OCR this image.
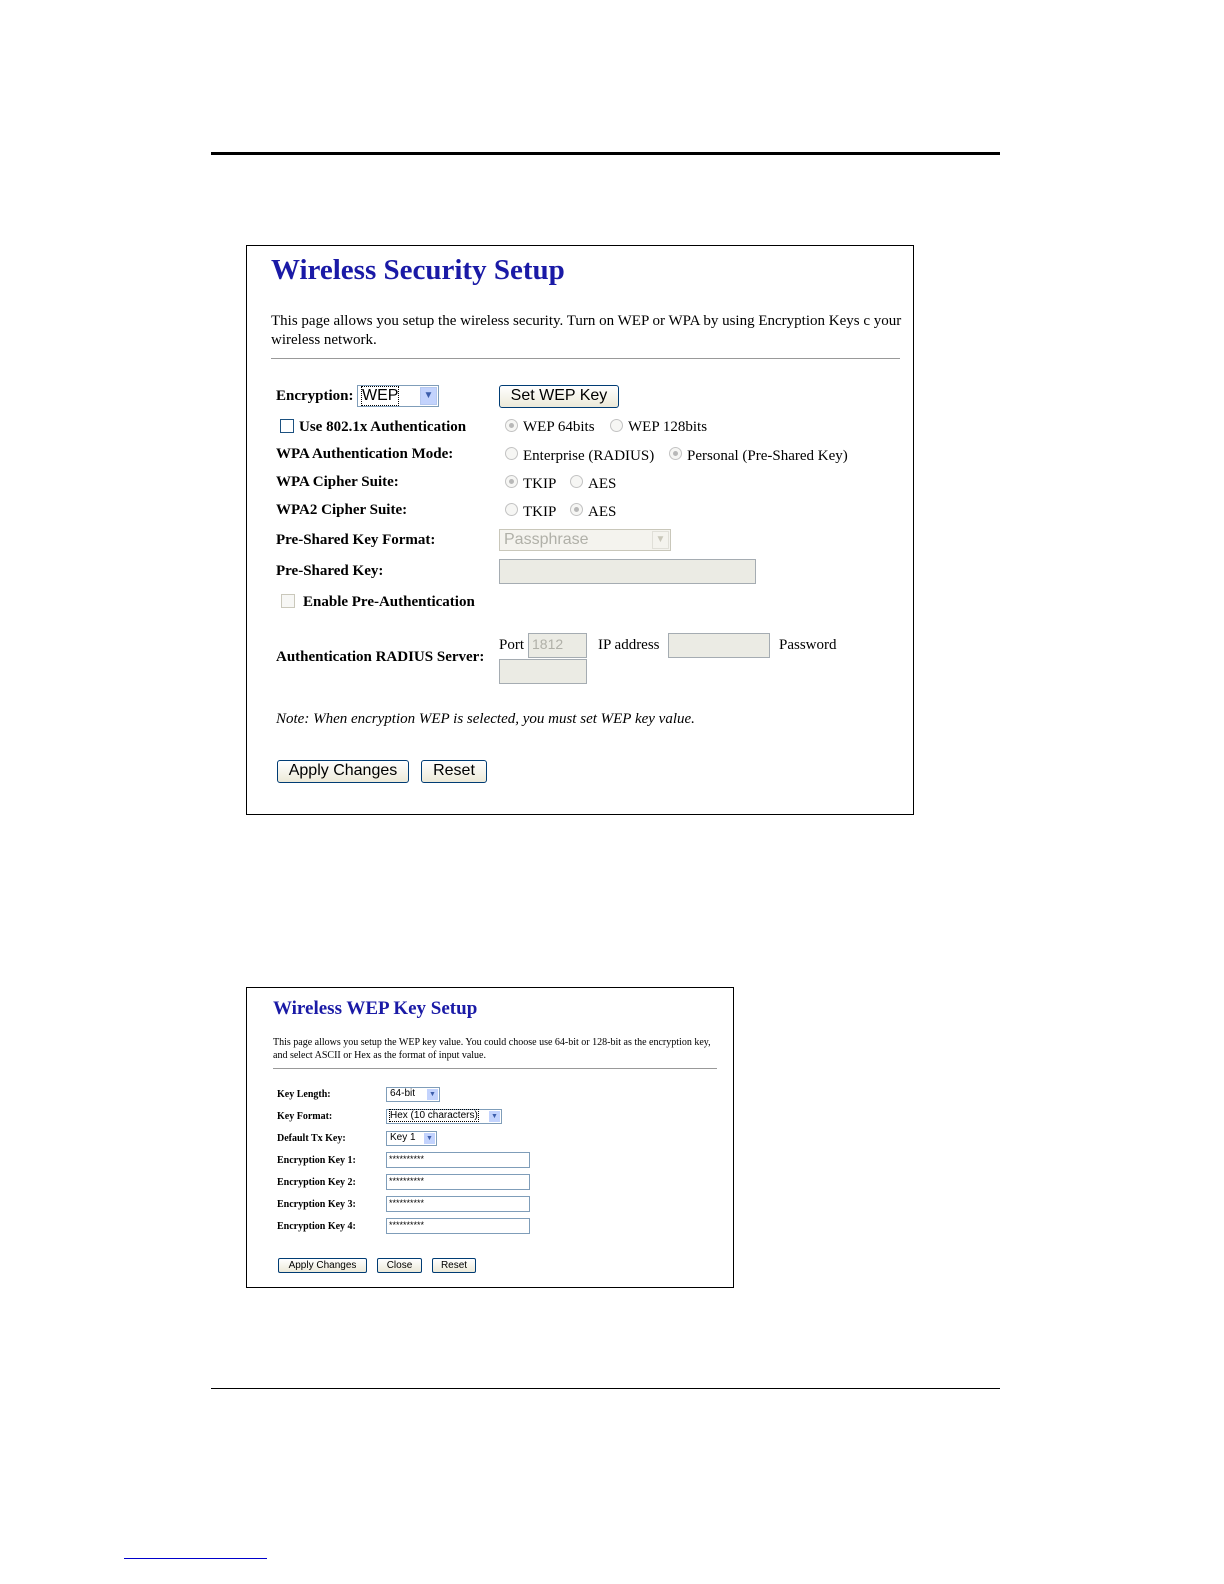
Wireless Security Setup
This page allows you setup the wireless security. Turn on WEP or WPA by using Encryption Keys c your wireless network.
Encryption: WEP	▼	Set WEP Key
Use 802.1x Authentication	WEP 64bits WEP 128bits
WPA Authentication Mode:	Enterprise (RADIUS) Personal (Pre-Shared Key)
WPA Cipher Suite:	TKIP AES
WPA2 Cipher Suite:	TKIP AES
Pre-Shared Key Format:	Passphrase	▼
Pre-Shared Key:
Enable Pre-Authentication
Authentication RADIUS Server:
Port 1812	IP address	Password
Note: When encryption WEP is selected, you must set WEP key value.
Apply Changes	Reset
Wireless WEP Key Setup
This page allows you setup the WEP key value. You could choose use 64-bit or 128-bit as the encryption key, and select ASCII or Hex as the format of input value.
Key Length:	64-bit ▼
Key Format:	Hex (10 characters) ▼
Default Tx Key:	Key 1 ▼
Encryption Key 1:	**********
Encryption Key 2:	**********
Encryption Key 3:	**********
Encryption Key 4:	**********
Apply Changes	Close	Reset
